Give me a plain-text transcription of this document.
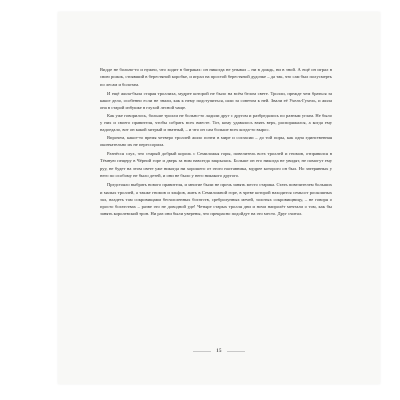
Видде не больно-то и нужно, что ходит в батраках: он никогда не унывал – ни в дождь, ни в зной. А ещё он играл в свою рожок, стоявший в берестяной коробке, и играл на простой берестяной дудочке – да так, что сам был полусмерть по лесам и болотам.

И ещё жила-была старая троллиха, мудрее которой не было на всём белом свете. Тролли, прежде чем браться за какое дело, особенно если не знали, как к нему подступиться, шли за советом к ней. Звали её Ухель-Гухель, и жила она в старой избушке в глухой лесной чаще.

Как уже говорилось, больше тролли не больно-то ладили друг с другом и разбредались по разным углам. Не было у них и своего правителя, чтобы собрать всех вместе. Тот, кому удавалось взять верх, распоряжался, а когда ему надоедало, вот он какой хитрый и знатный, – и что он сам больше всех когда-то вырос.

Впрочем, какое-то время четверо троллей жило почти в мире и согласии – до той поры, как одна единственная окончательно их не перессорила.

Разнёсся слух, что старый добрый король с Семиложья горы, повелитель всех троллей и гномов, отправился в Тёмную пещеру в Чёрной горе и дверь за ним навсегда закрылась. Больше он его никогда не увидят, не помогут ему руу, не будет на этом свете уже никогда ни хорошего от этого наставника, мудрее которого он был. Но затерянных у него по особому не было детей, и они не было у него никакого другого.

Предстояло выбрать нового правителя, и многие были не прочь занять место старика. Стать повелителем больших и малых троллей, а также гномов и эльфов, жить в Семиложной горе, в чреве которой находится семьсот роскошных зал, владеть там сокровищами бесчисленных богатств, сребролунных мечей, золотых сокровищницу, – не говоря о просто богатствах – разве это не доводной уде! Четыре старых тролля дни и ночи напролёт мечтали о том, как бы занять королевский трон. Ни раз они были уверены, что прекрасно подойдут на это место. Друг считал.

15
